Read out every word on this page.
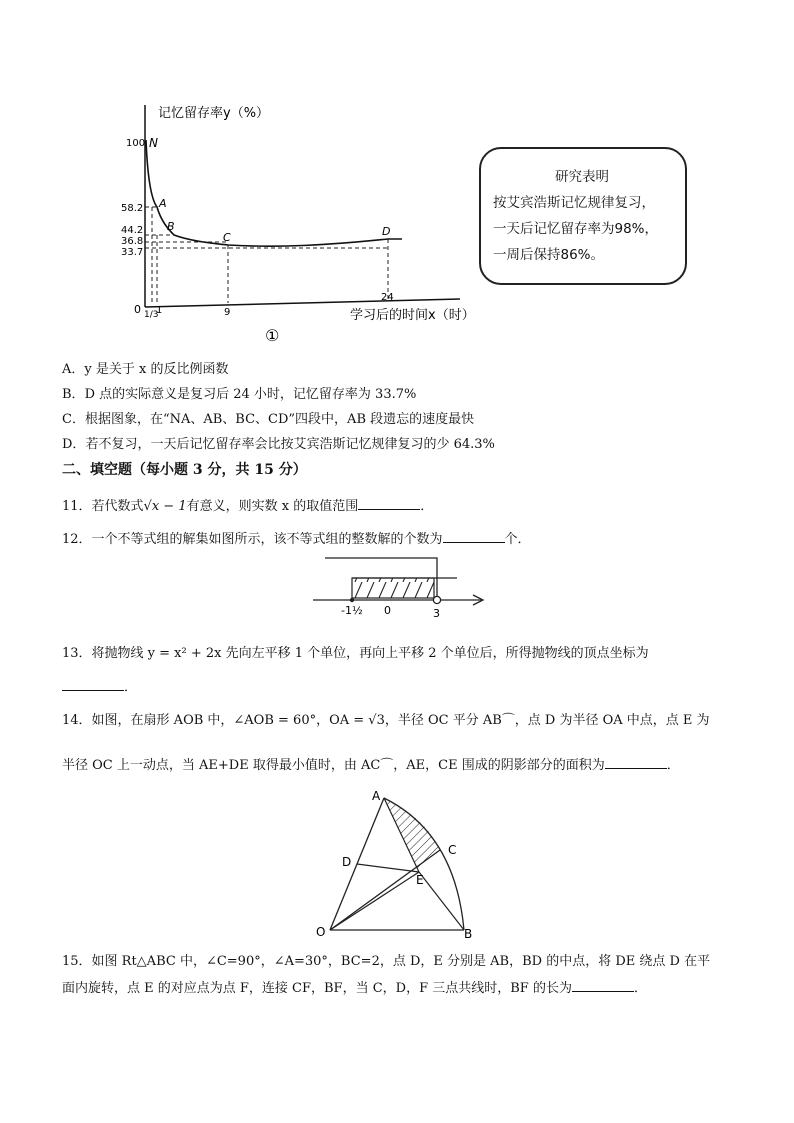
记忆留存率y（%）
学习后的时间x（时）
100
58.2
44.2
36.8
33.7
0 1/3
1	9
24
N
A
B
C	D
①
研究表明
按艾宾浩斯记忆规律复习，
一天后记忆留存率为98%，
一周后保持86%。
A．y 是关于 x 的反比例函数
B．D 点的实际意义是复习后 24 小时，记忆留存率为 33.7%
C．根据图象，在“NA、AB、BC、CD”四段中，AB 段遗忘的速度最快
D．若不复习，一天后记忆留存率会比按艾宾浩斯记忆规律复习的少 64.3%
二、填空题（每小题 3 分，共 15 分）
11．若代数式√x − 1有意义，则实数 x 的取值范围	．
12．一个不等式组的解集如图所示，该不等式组的整数解的个数为	个．
-1½ 0	3
13．将抛物线 y = x² + 2x 先向左平移 1 个单位，再向上平移 2 个单位后，所得抛物线的顶点坐标为
．
14．如图，在扇形 AOB 中，∠AOB = 60°，OA = √3，半径 OC 平分 AB⌒，点 D 为半径 OA 中点，点 E 为
半径 OC 上一动点，当 AE+DE 取得最小值时，由 AC⌒，AE，CE 围成的阴影部分的面积为	．
A
C
D
E
O	B
15．如图 Rt△ABC 中，∠C=90°，∠A=30°，BC=2，点 D，E 分别是 AB，BD 的中点，将 DE 绕点 D 在平
面内旋转，点 E 的对应点为点 F，连接 CF，BF，当 C，D，F 三点共线时，BF 的长为	．
